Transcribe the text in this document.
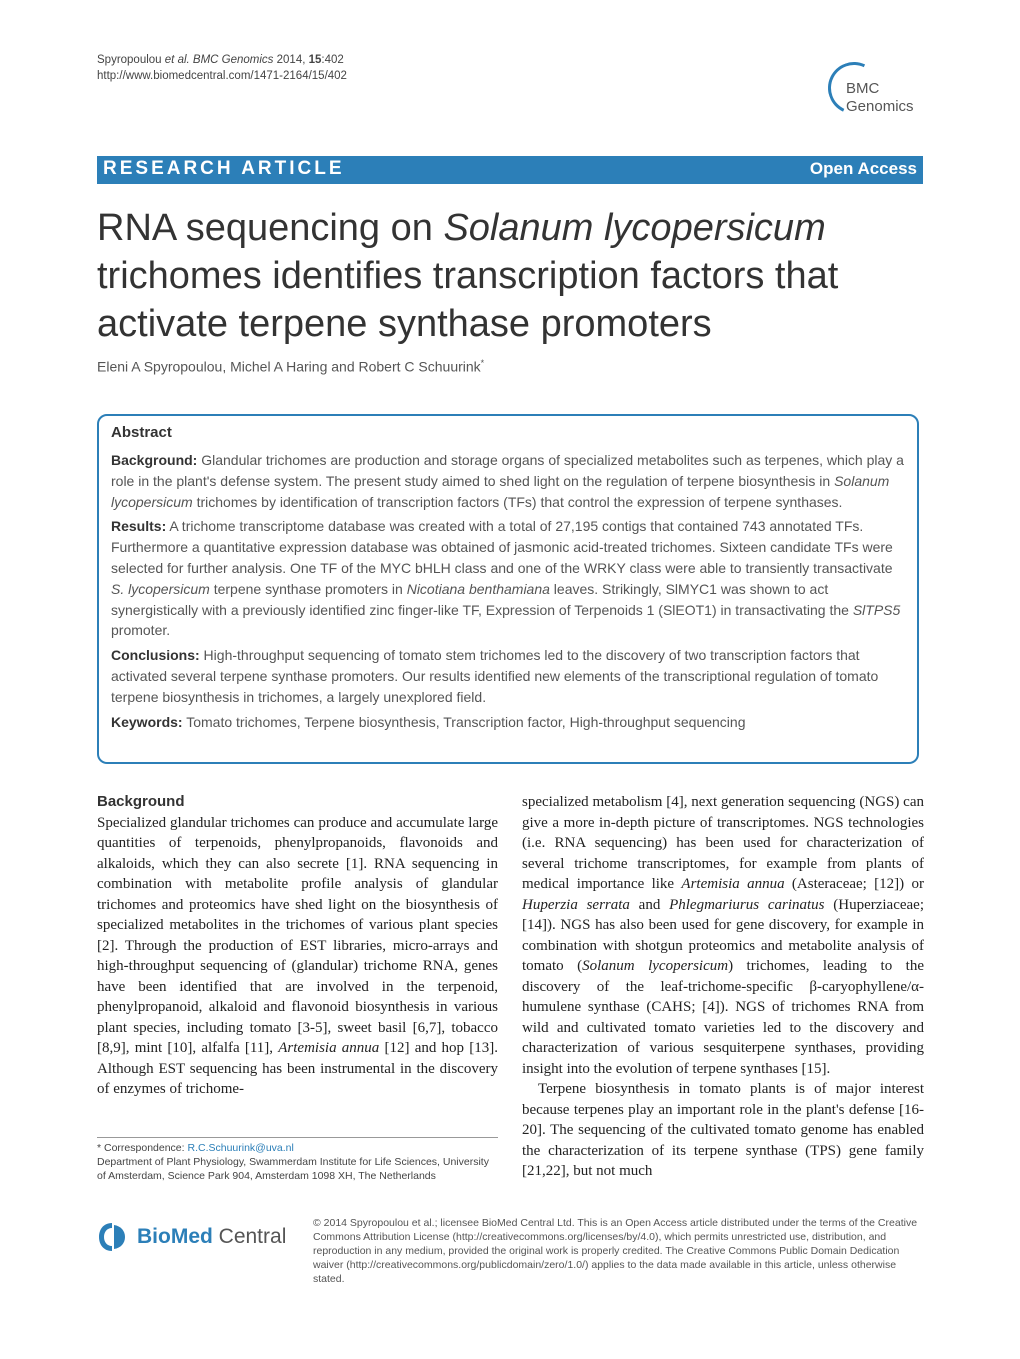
Spyropoulou et al. BMC Genomics 2014, 15:402
http://www.biomedcentral.com/1471-2164/15/402
BMC
Genomics
RESEARCH ARTICLE	Open Access
RNA sequencing on Solanum lycopersicum
trichomes identifies transcription factors that
activate terpene synthase promoters
Eleni A Spyropoulou, Michel A Haring and Robert C Schuurink*
Abstract

Background: Glandular trichomes are production and storage organs of specialized metabolites such as terpenes, which play a role in the plant's defense system. The present study aimed to shed light on the regulation of terpene biosynthesis in Solanum lycopersicum trichomes by identification of transcription factors (TFs) that control the expression of terpene synthases.

Results: A trichome transcriptome database was created with a total of 27,195 contigs that contained 743 annotated TFs. Furthermore a quantitative expression database was obtained of jasmonic acid-treated trichomes. Sixteen candidate TFs were selected for further analysis. One TF of the MYC bHLH class and one of the WRKY class were able to transiently transactivate S. lycopersicum terpene synthase promoters in Nicotiana benthamiana leaves. Strikingly, SlMYC1 was shown to act synergistically with a previously identified zinc finger-like TF, Expression of Terpenoids 1 (SlEOT1) in transactivating the SlTPS5 promoter.

Conclusions: High-throughput sequencing of tomato stem trichomes led to the discovery of two transcription factors that activated several terpene synthase promoters. Our results identified new elements of the transcriptional regulation of tomato terpene biosynthesis in trichomes, a largely unexplored field.

Keywords: Tomato trichomes, Terpene biosynthesis, Transcription factor, High-throughput sequencing

Background

Specialized glandular trichomes can produce and accumulate large quantities of terpenoids, phenylpropanoids, flavonoids and alkaloids, which they can also secrete [1]. RNA sequencing in combination with metabolite profile analysis of glandular trichomes and proteomics have shed light on the biosynthesis of specialized metabolites in the trichomes of various plant species [2]. Through the production of EST libraries, micro-arrays and high-throughput sequencing of (glandular) trichome RNA, genes have been identified that are involved in the terpenoid, phenylpropanoid, alkaloid and flavonoid biosynthesis in various plant species, including tomato [3-5], sweet basil [6,7], tobacco [8,9], mint [10], alfalfa [11], Artemisia annua [12] and hop [13]. Although EST sequencing has been instrumental in the discovery of enzymes of trichome-

specialized metabolism [4], next generation sequencing (NGS) can give a more in-depth picture of transcriptomes. NGS technologies (i.e. RNA sequencing) has been used for characterization of several trichome transcriptomes, for example from plants of medical importance like Artemisia annua (Asteraceae; [12]) or Huperzia serrata and Phlegmariurus carinatus (Huperziaceae; [14]). NGS has also been used for gene discovery, for example in combination with shotgun proteomics and metabolite analysis of tomato (Solanum lycopersicum) trichomes, leading to the discovery of the leaf-trichome-specific β-caryophyllene/α-humulene synthase (CAHS; [4]). NGS of trichomes RNA from wild and cultivated tomato varieties led to the discovery and characterization of various sesquiterpene synthases, providing insight into the evolution of terpene synthases [15].

Terpene biosynthesis in tomato plants is of major interest because terpenes play an important role in the plant's defense [16-20]. The sequencing of the cultivated tomato genome has enabled the characterization of its terpene synthase (TPS) gene family [21,22], but not much

* Correspondence: R.C.Schuurink@uva.nl
Department of Plant Physiology, Swammerdam Institute for Life Sciences, University of Amsterdam, Science Park 904, Amsterdam 1098 XH, The Netherlands
BioMed Central
© 2014 Spyropoulou et al.; licensee BioMed Central Ltd. This is an Open Access article distributed under the terms of the Creative Commons Attribution License (http://creativecommons.org/licenses/by/4.0), which permits unrestricted use, distribution, and reproduction in any medium, provided the original work is properly credited. The Creative Commons Public Domain Dedication waiver (http://creativecommons.org/publicdomain/zero/1.0/) applies to the data made available in this article, unless otherwise stated.
